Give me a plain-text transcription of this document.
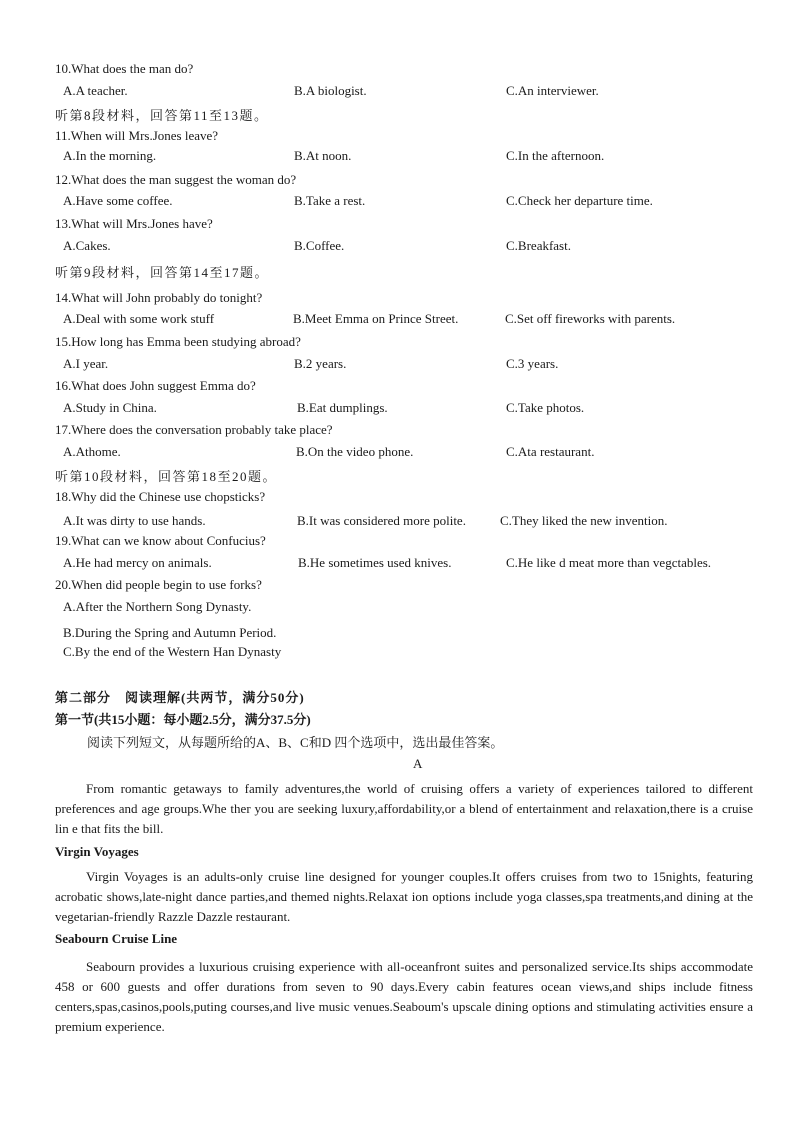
10.What does the man do?
A.A teacher.	B.A biologist.	C.An interviewer.
听第8段材料，回答第11至13题。
11.When will Mrs.Jones leave?
A.In the morning.	B.At noon.	C.In the afternoon.
12.What does the man suggest the woman do?
A.Have some coffee.	B.Take a rest.	C.Check her departure time.
13.What will Mrs.Jones have?
A.Cakes.	B.Coffee.	C.Breakfast.
听第9段材料，回答第14至17题。
14.What will John probably do tonight?
A.Deal with some work stuff	B.Meet Emma on Prince Street.	C.Set off fireworks with parents.
15.How long has Emma been studying abroad?
A.I year.	B.2 years.	C.3 years.
16.What does John suggest Emma do?
A.Study in China.	B.Eat dumplings.	C.Take photos.
17.Where does the conversation probably take place?
A.Athome.	B.On the video phone.	C.Ata restaurant.
听第10段材料，回答第18至20题。
18.Why did the Chinese use chopsticks?
A.It was dirty to use hands.	B.It was considered more polite.	C.They liked the new invention.
19.What can we know about Confucius?
A.He had mercy on animals.	B.He sometimes used knives.	C.He like d meat more than vegctables.
20.When did people begin to use forks?
A.After the Northern Song Dynasty.
B.During the Spring and Autumn Period.
C.By the end of the Western Han Dynasty
第二部分　阅读理解(共两节，满分50分)
第一节(共15小题：每小题2.5分，满分37.5分)
阅读下列短文，从每题所给的A、B、C和D 四个选项中，选出最佳答案。
A

From romantic getaways to family adventures,the world of cruising offers a variety of experiences tailored to different preferences and age groups.Whe ther you are seeking luxury,affordability,or a blend of entertainment and relaxation,there is a cruise lin e that fits the bill.

Virgin Voyages

Virgin Voyages is an adults-only cruise line designed for younger couples.It offers cruises from two to 15nights, featuring acrobatic shows,late-night dance parties,and themed nights.Relaxat ion options include yoga classes,spa treatments,and dining at the vegetarian-friendly Razzle Dazzle restaurant.

Seabourn Cruise Line

Seabourn provides a luxurious cruising experience with all-oceanfront suites and personalized service.Its ships accommodate 458 or 600 guests and offer durations from seven to 90 days.Every cabin features ocean views,and ships include fitness centers,spas,casinos,pools,puting courses,and live music venues.Seaboum's upscale dining options and stimulating activities ensure a premium experience.
